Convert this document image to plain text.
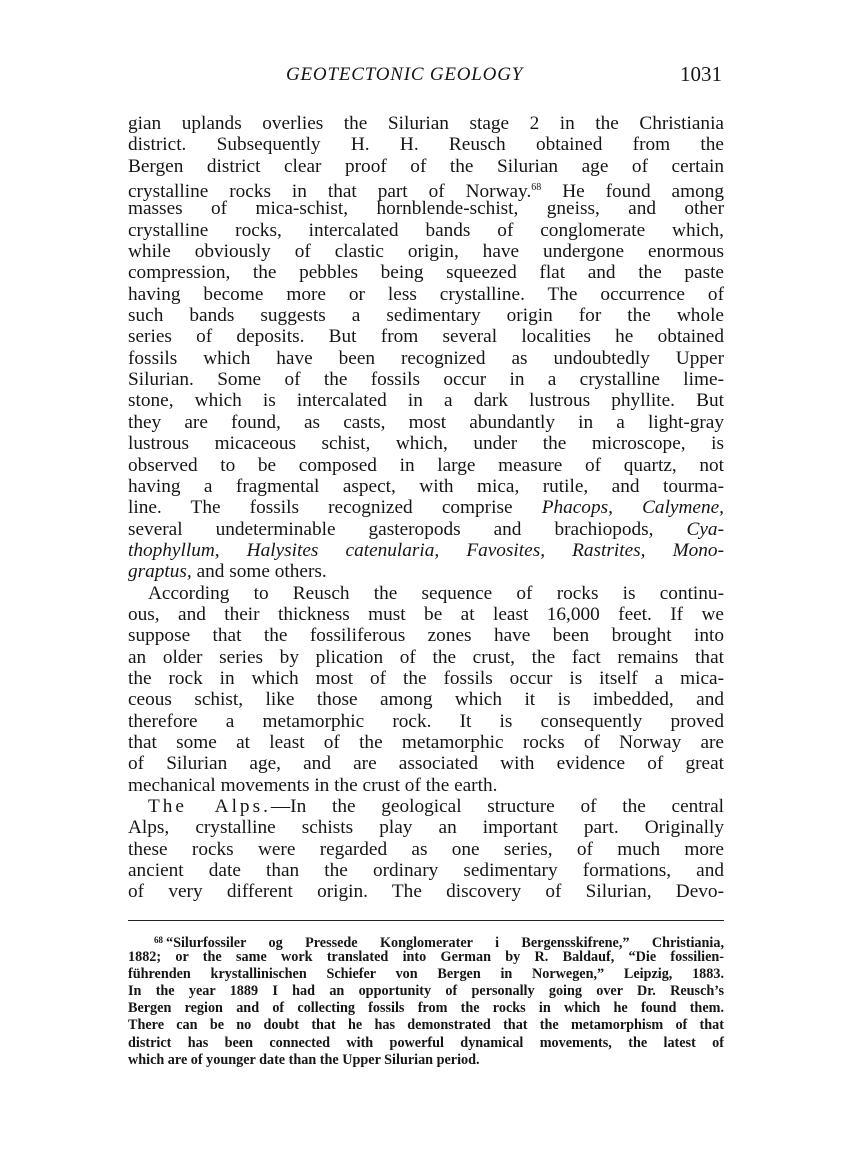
GEOTECTONIC GEOLOGY	1031
gian uplands overlies the Silurian stage 2 in the Christiania
district. Subsequently H. H. Reusch obtained from the
Bergen district clear proof of the Silurian age of certain
crystalline rocks in that part of Norway.$^{68}$ He found among
masses of mica-schist, hornblende-schist, gneiss, and other
crystalline rocks, intercalated bands of conglomerate which,
while obviously of clastic origin, have undergone enormous
compression, the pebbles being squeezed flat and the paste
having become more or less crystalline. The occurrence of
such bands suggests a sedimentary origin for the whole
series of deposits. But from several localities he obtained
fossils which have been recognized as undoubtedly Upper
Silurian. Some of the fossils occur in a crystalline lime-
stone, which is intercalated in a dark lustrous phyllite. But
they are found, as casts, most abundantly in a light-gray
lustrous micaceous schist, which, under the microscope, is
observed to be composed in large measure of quartz, not
having a fragmental aspect, with mica, rutile, and tourma-
line. The fossils recognized comprise Phacops, Calymene,
several undeterminable gasteropods and brachiopods, Cya-
thophyllum, Halysites catenularia, Favosites, Rastrites, Mono-
graptus, and some others.
According to Reusch the sequence of rocks is continu-
ous, and their thickness must be at least 16,000 feet. If we
suppose that the fossiliferous zones have been brought into
an older series by plication of the crust, the fact remains that
the rock in which most of the fossils occur is itself a mica-
ceous schist, like those among which it is imbedded, and
therefore a metamorphic rock. It is consequently proved
that some at least of the metamorphic rocks of Norway are
of Silurian age, and are associated with evidence of great
mechanical movements in the crust of the earth.
The Alps.—In the geological structure of the central
Alps, crystalline schists play an important part. Originally
these rocks were regarded as one series, of much more
ancient date than the ordinary sedimentary formations, and
of very different origin. The discovery of Silurian, Devo-
$^{68}$ “Silurfossiler og Pressede Konglomerater i Bergensskifrene,” Christiania,
1882; or the same work translated into German by R. Baldauf, “Die fossilien-
führenden krystallinischen Schiefer von Bergen in Norwegen,” Leipzig, 1883.
In the year 1889 I had an opportunity of personally going over Dr. Reusch’s
Bergen region and of collecting fossils from the rocks in which he found them.
There can be no doubt that he has demonstrated that the metamorphism of that
district has been connected with powerful dynamical movements, the latest of
which are of younger date than the Upper Silurian period.
